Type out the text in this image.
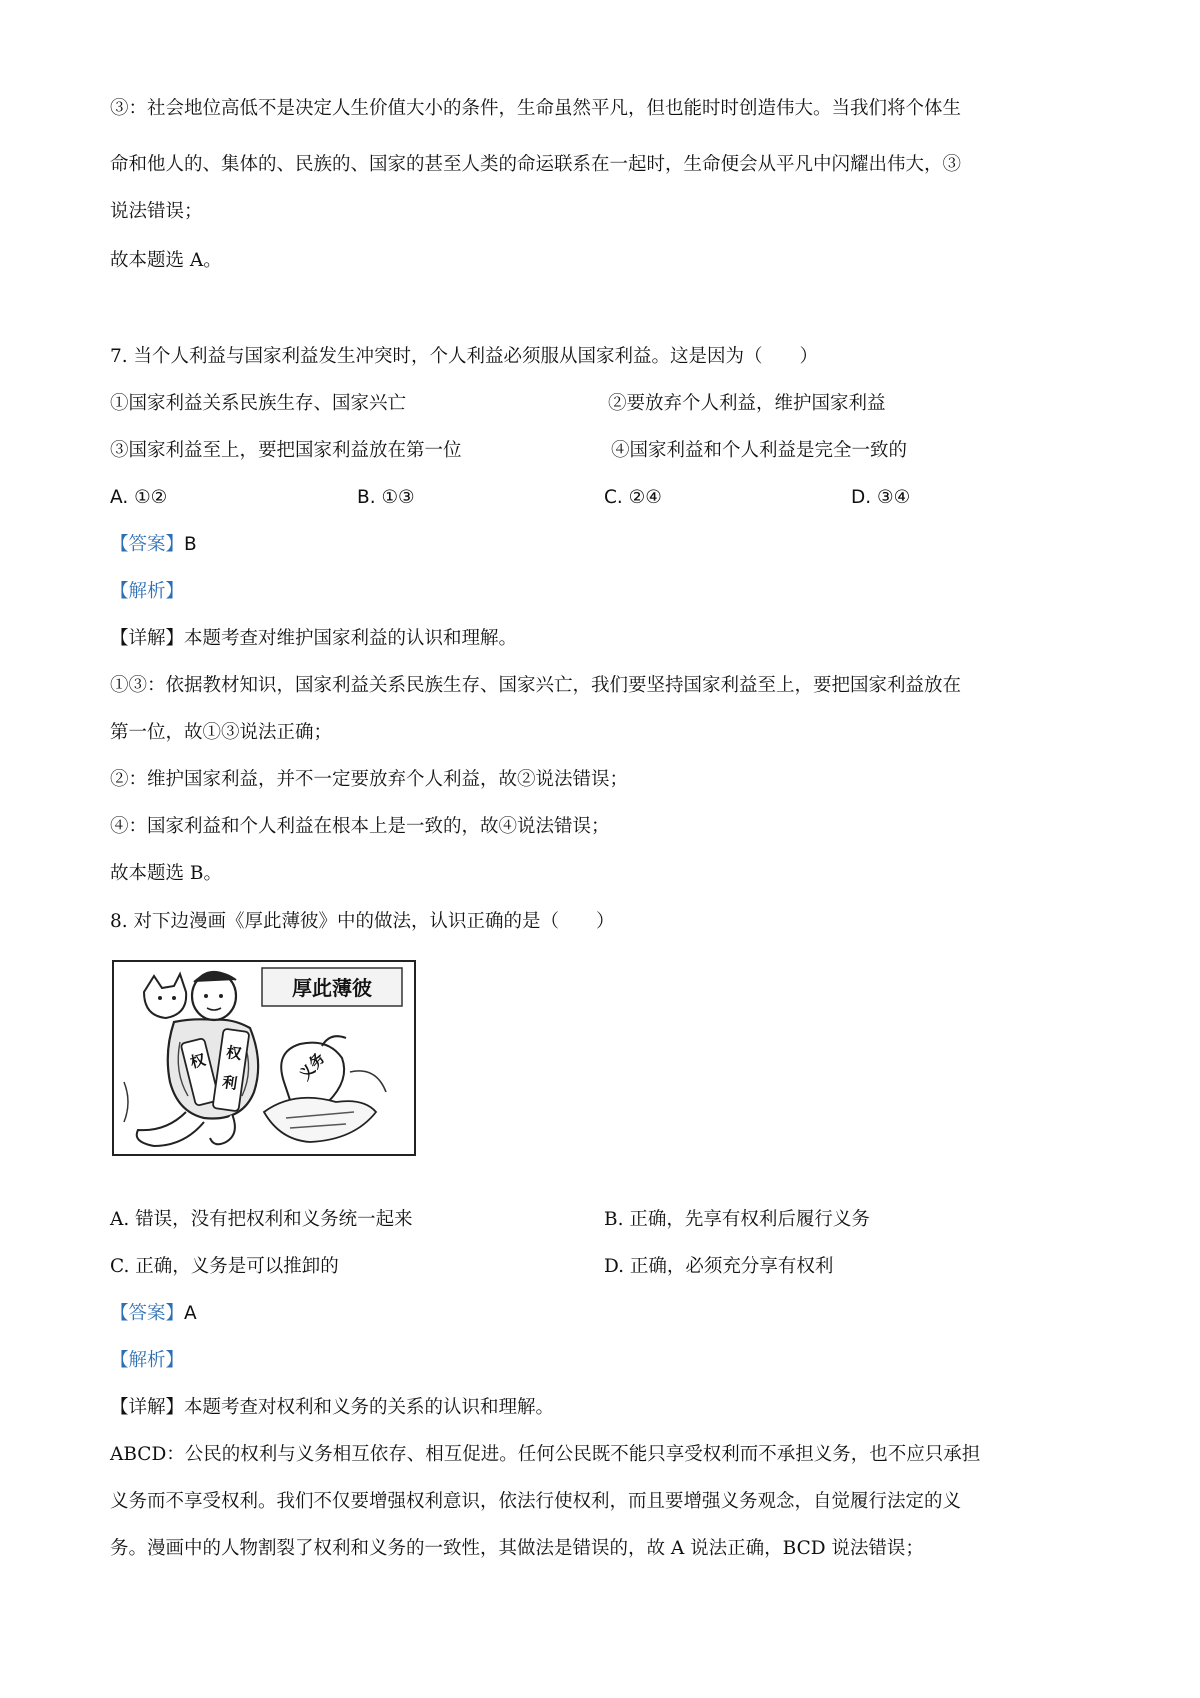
③：社会地位高低不是决定人生价值大小的条件，生命虽然平凡，但也能时时创造伟大。当我们将个体生
命和他人的、集体的、民族的、国家的甚至人类的命运联系在一起时，生命便会从平凡中闪耀出伟大，③
说法错误；
故本题选 A。
7. 当个人利益与国家利益发生冲突时，个人利益必须服从国家利益。这是因为（　　）
①国家利益关系民族生存、国家兴亡	②要放弃个人利益，维护国家利益
③国家利益至上，要把国家利益放在第一位	④国家利益和个人利益是完全一致的
A. ①②	B. ①③	C. ②④	D. ③④
【答案】B
【解析】
【详解】本题考查对维护国家利益的认识和理解。
①③：依据教材知识，国家利益关系民族生存、国家兴亡，我们要坚持国家利益至上，要把国家利益放在
第一位，故①③说法正确；
②：维护国家利益，并不一定要放弃个人利益，故②说法错误；
④：国家利益和个人利益在根本上是一致的，故④说法错误；
故本题选 B。
8. 对下边漫画《厚此薄彼》中的做法，认识正确的是（　　）
厚此薄彼
权	权 利	义务
A. 错误，没有把权利和义务统一起来	B. 正确，先享有权利后履行义务
C. 正确，义务是可以推卸的	D. 正确，必须充分享有权利
【答案】A
【解析】
【详解】本题考查对权利和义务的关系的认识和理解。
ABCD：公民的权利与义务相互依存、相互促进。任何公民既不能只享受权利而不承担义务，也不应只承担
义务而不享受权利。我们不仅要增强权利意识，依法行使权利，而且要增强义务观念，自觉履行法定的义
务。漫画中的人物割裂了权利和义务的一致性，其做法是错误的，故 A 说法正确，BCD 说法错误；
